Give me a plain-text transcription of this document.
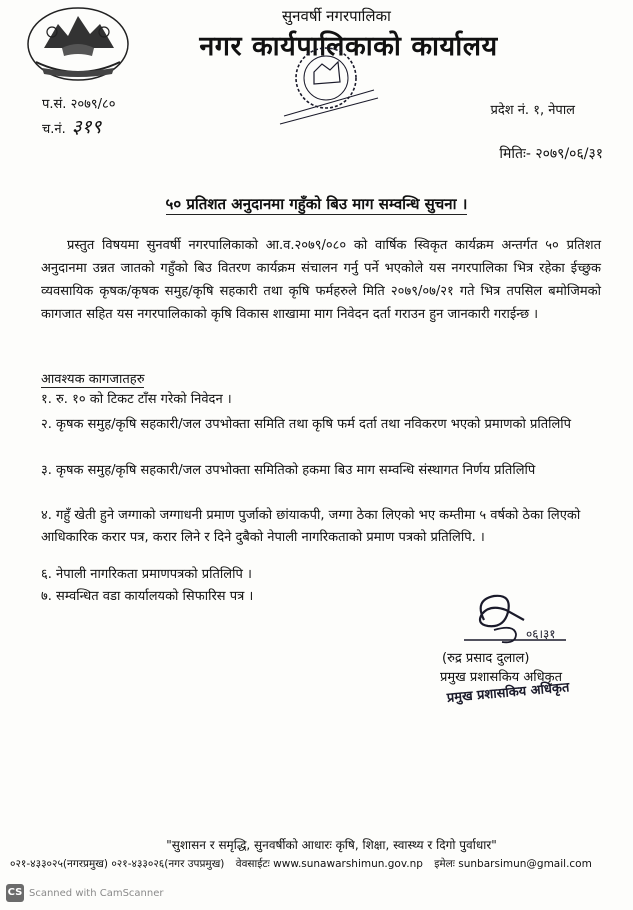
सुनवर्षी नगरपालिका
नगर कार्यपालिकाको कार्यालय
प.सं. २०७९/८०
च.नं. ३१९
प्रदेश नं. १, नेपाल
मितिः- २०७९/०६/३१
५० प्रतिशत अनुदानमा गहुँको बिउ माग सम्वन्धि सुचना ।
प्रस्तुत विषयमा सुनवर्षी नगरपालिकाको आ.व.२०७९/०८० को वार्षिक स्विकृत कार्यक्रम अन्तर्गत ५० प्रतिशत अनुदानमा उन्नत जातको गहुँको बिउ वितरण कार्यक्रम संचालन गर्नु पर्ने भएकोले यस नगरपालिका भित्र रहेका ईच्छुक व्यवसायिक कृषक/कृषक समुह/कृषि सहकारी तथा कृषि फर्महरुले मिति २०७९/०७/२१ गते भित्र तपसिल बमोजिमको कागजात सहित यस नगरपालिकाको कृषि विकास शाखामा माग निवेदन दर्ता गराउन हुन जानकारी गराईन्छ ।
आवश्यक कागजातहरु
१. रु. १० को टिकट टाँस गरेको निवेदन ।
२. कृषक समुह/कृषि सहकारी/जल उपभोक्ता समिति तथा कृषि फर्म दर्ता तथा नविकरण भएको प्रमाणको प्रतिलिपि
३. कृषक समुह/कृषि सहकारी/जल उपभोक्ता समितिको हकमा बिउ माग सम्वन्धि संस्थागत निर्णय प्रतिलिपि
४. गहुँ खेती हुने जग्गाको जग्गाधनी प्रमाण पुर्जाको छांयाकपी, जग्गा ठेका लिएको भए कम्तीमा ५ वर्षको ठेका लिएको आधिकारिक करार पत्र, करार लिने र दिने दुबैको नेपाली नागरिकताको प्रमाण पत्रको प्रतिलिपि. ।
६. नेपाली नागरिकता प्रमाणपत्रको प्रतिलिपि ।
७. सम्वन्धित वडा कार्यालयको सिफारिस पत्र ।
०६।३१
(रुद्र प्रसाद दुलाल)
प्रमुख प्रशासकिय अधिकृत
प्रमुख प्रशासकिय अधिकृत
"सुशासन र समृद्धि, सुनवर्षीको आधारः कृषि, शिक्षा, स्वास्थ्य र दिगो पुर्वाधार"
०२१-४३३०२५(नगरप्रमुख) ०२१-४३३०२६(नगर उपप्रमुख) वेवसाईटः www.sunawarshimun.gov.np इमेलः sunbarsimun@gmail.com
CS Scanned with CamScanner
